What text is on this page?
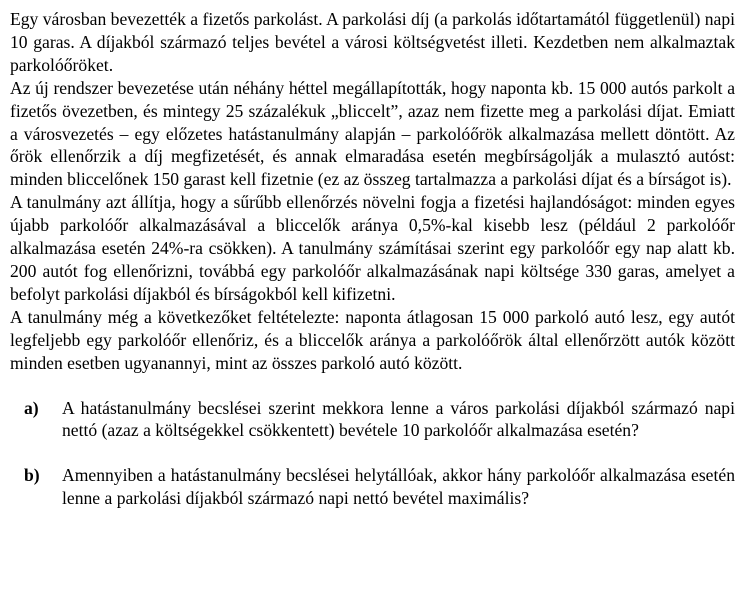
Egy városban bevezették a fizetős parkolást. A parkolási díj (a parkolás időtartamától függetlenül) napi 10 garas. A díjakból származó teljes bevétel a városi költségvetést illeti. Kezdetben nem alkalmaztak parkolóőröket.

Az új rendszer bevezetése után néhány héttel megállapították, hogy naponta kb. 15 000 autós parkolt a fizetős övezetben, és mintegy 25 százalékuk „bliccelt”, azaz nem fizette meg a parkolási díjat. Emiatt a városvezetés – egy előzetes hatástanulmány alapján – parkolóőrök alkalmazása mellett döntött. Az őrök ellenőrzik a díj megfizetését, és annak elmaradása esetén megbírságolják a mulasztó autóst: minden bliccelőnek 150 garast kell fizetnie (ez az összeg tartalmazza a parkolási díjat és a bírságot is).

A tanulmány azt állítja, hogy a sűrűbb ellenőrzés növelni fogja a fizetési hajlandóságot: minden egyes újabb parkolóőr alkalmazásával a bliccelők aránya 0,5%-kal kisebb lesz (például 2 parkolóőr alkalmazása esetén 24%-ra csökken). A tanulmány számításai szerint egy parkolóőr egy nap alatt kb. 200 autót fog ellenőrizni, továbbá egy parkolóőr alkalmazásának napi költsége 330 garas, amelyet a befolyt parkolási díjakból és bírságokból kell kifizetni.

A tanulmány még a következőket feltételezte: naponta átlagosan 15 000 parkoló autó lesz, egy autót legfeljebb egy parkolóőr ellenőriz, és a bliccelők aránya a parkolóőrök által ellenőrzött autók között minden esetben ugyanannyi, mint az összes parkoló autó között.

a)	A hatástanulmány becslései szerint mekkora lenne a város parkolási díjakból származó napi nettó (azaz a költségekkel csökkentett) bevétele 10 parkolóőr alkalmazása esetén?
b)	Amennyiben a hatástanulmány becslései helytállóak, akkor hány parkolóőr alkalmazása esetén lenne a parkolási díjakból származó napi nettó bevétel maximális?
